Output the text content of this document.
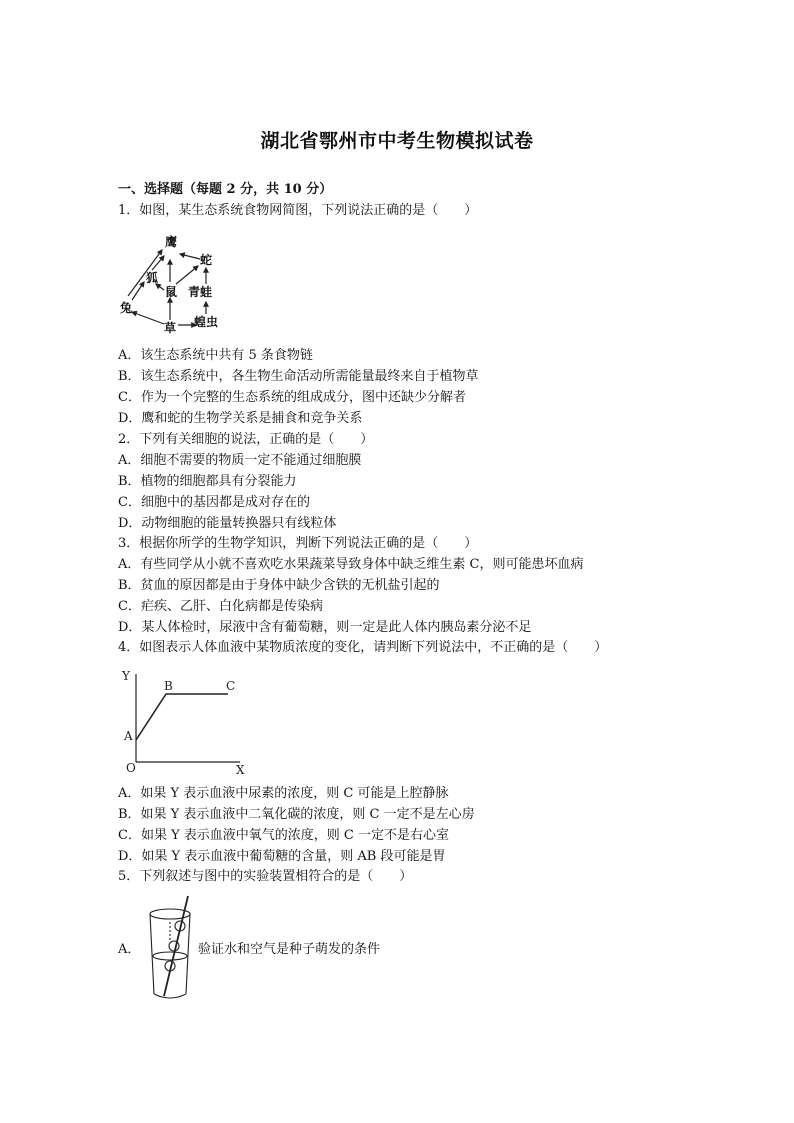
湖北省鄂州市中考生物模拟试卷
一、选择题（每题 2 分，共 10 分）
1．如图，某生态系统食物网简图，下列说法正确的是（　　）
鹰
蛇
兔
狐
鼠 青蛙
蝗虫
草
A．该生态系统中共有 5 条食物链
B．该生态系统中，各生物生命活动所需能量最终来自于植物草
C．作为一个完整的生态系统的组成成分，图中还缺少分解者
D．鹰和蛇的生物学关系是捕食和竞争关系
2．下列有关细胞的说法，正确的是（　　）
A．细胞不需要的物质一定不能通过细胞膜
B．植物的细胞都具有分裂能力
C．细胞中的基因都是成对存在的
D．动物细胞的能量转换器只有线粒体
3．根据你所学的生物学知识，判断下列说法正确的是（　　）
A．有些同学从小就不喜欢吃水果蔬菜导致身体中缺乏维生素 C，则可能患坏血病
B．贫血的原因都是由于身体中缺少含铁的无机盐引起的
C．疟疾、乙肝、白化病都是传染病
D．某人体检时，尿液中含有葡萄糖，则一定是此人体内胰岛素分泌不足
4．如图表示人体血液中某物质浓度的变化，请判断下列说法中，不正确的是（　　）
Y
X
O
A
B	C
A．如果 Y 表示血液中尿素的浓度，则 C 可能是上腔静脉
B．如果 Y 表示血液中二氧化碳的浓度，则 C 一定不是左心房
C．如果 Y 表示血液中氧气的浓度，则 C 一定不是右心室
D．如果 Y 表示血液中葡萄糖的含量，则 AB 段可能是胃
5．下列叙述与图中的实验装置相符合的是（　　）
A．	验证水和空气是种子萌发的条件
